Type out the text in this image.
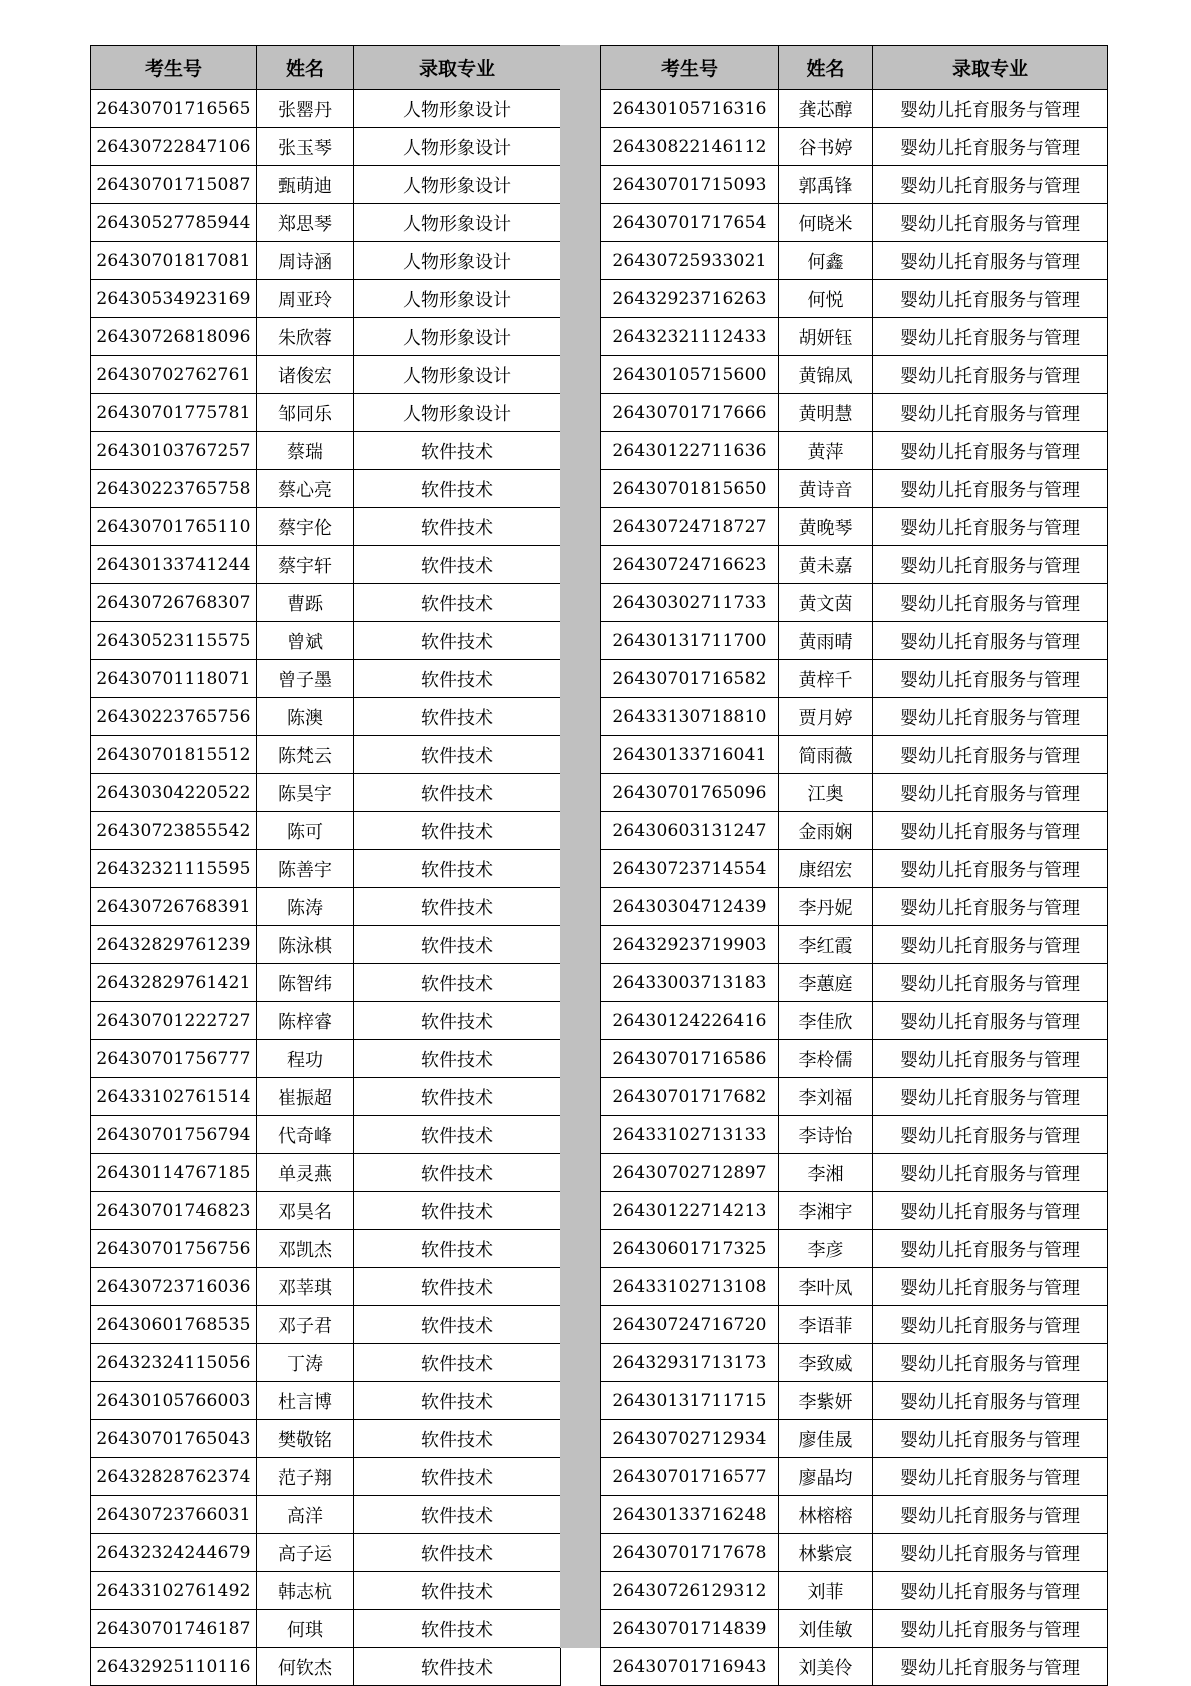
考生号	姓名	录取专业
26430701716565	张罂丹	人物形象设计
26430722847106	张玉琴	人物形象设计
26430701715087	甄萌迪	人物形象设计
26430527785944	郑思琴	人物形象设计
26430701817081	周诗涵	人物形象设计
26430534923169	周亚玲	人物形象设计
26430726818096	朱欣蓉	人物形象设计
26430702762761	诸俊宏	人物形象设计
26430701775781	邹同乐	人物形象设计
26430103767257	蔡瑞	软件技术
26430223765758	蔡心亮	软件技术
26430701765110	蔡宇伦	软件技术
26430133741244	蔡宇轩	软件技术
26430726768307	曹跞	软件技术
26430523115575	曾斌	软件技术
26430701118071	曾子墨	软件技术
26430223765756	陈澳	软件技术
26430701815512	陈梵云	软件技术
26430304220522	陈昊宇	软件技术
26430723855542	陈可	软件技术
26432321115595	陈善宇	软件技术
26430726768391	陈涛	软件技术
26432829761239	陈泳棋	软件技术
26432829761421	陈智纬	软件技术
26430701222727	陈梓睿	软件技术
26430701756777	程功	软件技术
26433102761514	崔振超	软件技术
26430701756794	代奇峰	软件技术
26430114767185	单灵燕	软件技术
26430701746823	邓昊名	软件技术
26430701756756	邓凯杰	软件技术
26430723716036	邓莘琪	软件技术
26430601768535	邓子君	软件技术
26432324115056	丁涛	软件技术
26430105766003	杜言博	软件技术
26430701765043	樊敬铭	软件技术
26432828762374	范子翔	软件技术
26430723766031	高洋	软件技术
26432324244679	高子运	软件技术
26433102761492	韩志杭	软件技术
26430701746187	何琪	软件技术
26432925110116	何钦杰	软件技术
考生号	姓名	录取专业
26430105716316	龚芯醇	婴幼儿托育服务与管理
26430822146112	谷书婷	婴幼儿托育服务与管理
26430701715093	郭禹锋	婴幼儿托育服务与管理
26430701717654	何晓米	婴幼儿托育服务与管理
26430725933021	何鑫	婴幼儿托育服务与管理
26432923716263	何悦	婴幼儿托育服务与管理
26432321112433	胡妍钰	婴幼儿托育服务与管理
26430105715600	黄锦凤	婴幼儿托育服务与管理
26430701717666	黄明慧	婴幼儿托育服务与管理
26430122711636	黄萍	婴幼儿托育服务与管理
26430701815650	黄诗音	婴幼儿托育服务与管理
26430724718727	黄晚琴	婴幼儿托育服务与管理
26430724716623	黄未嘉	婴幼儿托育服务与管理
26430302711733	黄文茵	婴幼儿托育服务与管理
26430131711700	黄雨晴	婴幼儿托育服务与管理
26430701716582	黄梓千	婴幼儿托育服务与管理
26433130718810	贾月婷	婴幼儿托育服务与管理
26430133716041	简雨薇	婴幼儿托育服务与管理
26430701765096	江奥	婴幼儿托育服务与管理
26430603131247	金雨娴	婴幼儿托育服务与管理
26430723714554	康绍宏	婴幼儿托育服务与管理
26430304712439	李丹妮	婴幼儿托育服务与管理
26432923719903	李红霞	婴幼儿托育服务与管理
26433003713183	李蕙庭	婴幼儿托育服务与管理
26430124226416	李佳欣	婴幼儿托育服务与管理
26430701716586	李柃儒	婴幼儿托育服务与管理
26430701717682	李刘福	婴幼儿托育服务与管理
26433102713133	李诗怡	婴幼儿托育服务与管理
26430702712897	李湘	婴幼儿托育服务与管理
26430122714213	李湘宇	婴幼儿托育服务与管理
26430601717325	李彦	婴幼儿托育服务与管理
26433102713108	李叶凤	婴幼儿托育服务与管理
26430724716720	李语菲	婴幼儿托育服务与管理
26432931713173	李致威	婴幼儿托育服务与管理
26430131711715	李紫妍	婴幼儿托育服务与管理
26430702712934	廖佳晟	婴幼儿托育服务与管理
26430701716577	廖晶均	婴幼儿托育服务与管理
26430133716248	林榕榕	婴幼儿托育服务与管理
26430701717678	林紫宸	婴幼儿托育服务与管理
26430726129312	刘菲	婴幼儿托育服务与管理
26430701714839	刘佳敏	婴幼儿托育服务与管理
26430701716943	刘美伶	婴幼儿托育服务与管理
